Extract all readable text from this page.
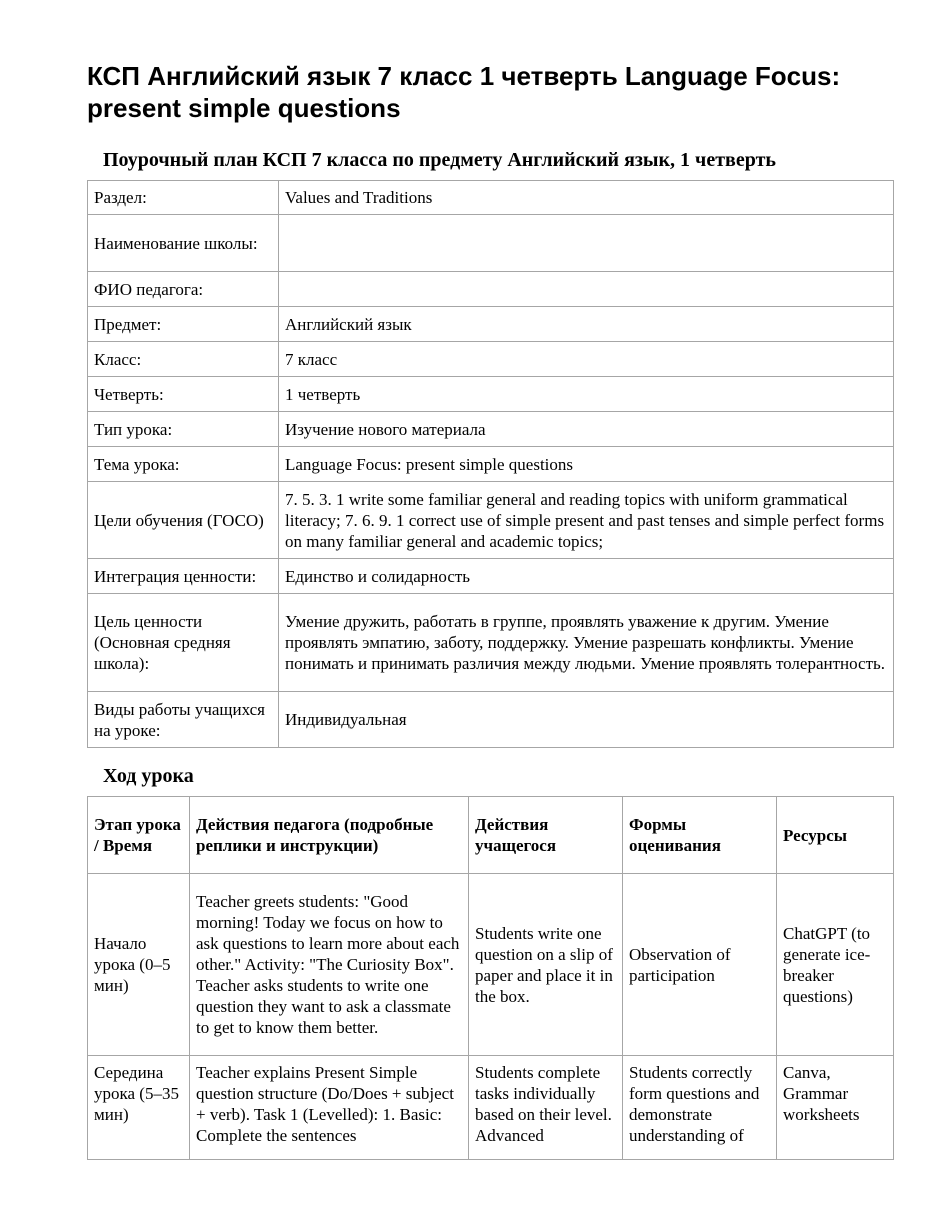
КСП Английский язык 7 класс 1 четверть Language Focus: present simple questions
Поурочный план КСП 7 класса по предмету Английский язык, 1 четверть
Раздел:	Values and Traditions
Наименование школы:	
ФИО педагога:	
Предмет:	Английский язык
Класс:	7 класс
Четверть:	1 четверть
Тип урока:	Изучение нового материала
Тема урока:	Language Focus: present simple questions
Цели обучения (ГОСО)	7. 5. 3. 1 write some familiar general and reading topics with uniform grammatical literacy; 7. 6. 9. 1 correct use of simple present and past tenses and simple perfect forms on many familiar general and academic topics;
Интеграция ценности:	Единство и солидарность
Цель ценности (Основная средняя школа):	Умение дружить, работать в группе, проявлять уважение к другим. Умение проявлять эмпатию, заботу, поддержку. Умение разрешать конфликты. Умение понимать и принимать различия между людьми. Умение проявлять толерантность.
Виды работы учащихся на уроке:	Индивидуальная
Ход урока
Этап урока / Время	Действия педагога (подробные реплики и инструкции)	Действия учащегося	Формы оценивания	Ресурсы
Начало урока (0–5 мин)	Teacher greets students: "Good morning! Today we focus on how to ask questions to learn more about each other." Activity: "The Curiosity Box". Teacher asks students to write one question they want to ask a classmate to get to know them better.	Students write one question on a slip of paper and place it in the box.	Observation of participation	ChatGPT (to generate ice-breaker questions)

Середина урока (5–35 мин)	Teacher explains Present Simple question structure (Do/Does + subject + verb). Task 1 (Levelled): 1. Basic: Complete the sentences	Students complete tasks individually based on their level. Advanced	Students correctly form questions and demonstrate understanding of	Canva, Grammar worksheets
